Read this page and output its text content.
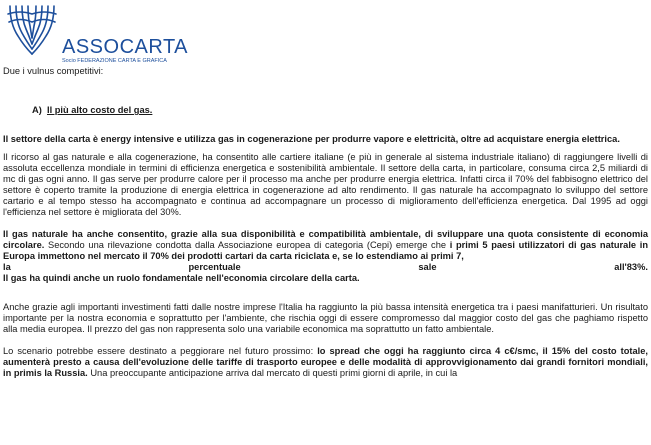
ASSOCARTA
Socio FEDERAZIONE CARTA E GRAFICA

Due i vulnus competitivi:

A) Il più alto costo del gas.

Il settore della carta è energy intensive e utilizza gas in cogenerazione per produrre vapore e elettricità, oltre ad acquistare energia elettrica.

Il ricorso al gas naturale e alla cogenerazione, ha consentito alle cartiere italiane (e più in generale al sistema industriale italiano) di raggiungere livelli di assoluta eccellenza mondiale in termini di efficienza energetica e sostenibilità ambientale. Il settore della carta, in particolare, consuma circa 2,5 miliardi di mc di gas ogni anno. Il gas serve per produrre calore per il processo ma anche per produrre energia elettrica. Infatti circa il 70% del fabbisogno elettrico del settore è coperto tramite la produzione di energia elettrica in cogenerazione ad alto rendimento. Il gas naturale ha accompagnato lo sviluppo del settore cartario e al tempo stesso ha accompagnato e continua ad accompagnare un processo di miglioramento dell'efficienza energetica. Dal 1995 ad oggi l'efficienza nel settore è migliorata del 30%.

Il gas naturale ha anche consentito, grazie alla sua disponibilità e compatibilità ambientale, di sviluppare una quota consistente di economia circolare. Secondo una rilevazione condotta dalla Associazione europea di categoria (Cepi) emerge che i primi 5 paesi utilizzatori di gas naturale in Europa immettono nel mercato il 70% dei prodotti cartari da carta riciclata e, se lo estendiamo ai primi 7,

la	percentuale	sale	all'83%.

Il gas ha quindi anche un ruolo fondamentale nell'economia circolare della carta.

Anche grazie agli importanti investimenti fatti dalle nostre imprese l'Italia ha raggiunto la più bassa intensità energetica tra i paesi manifatturieri. Un risultato importante per la nostra economia e soprattutto per l'ambiente, che rischia oggi di essere compromesso dal maggior costo del gas che paghiamo rispetto alla media europea. Il prezzo del gas non rappresenta solo una variabile economica ma soprattutto un fatto ambientale.

Lo scenario potrebbe essere destinato a peggiorare nel futuro prossimo: lo spread che oggi ha raggiunto circa 4 c€/smc, il 15% del costo totale, aumenterà presto a causa dell'evoluzione delle tariffe di trasporto europee e delle modalità di approvvigionamento dai grandi fornitori mondiali, in primis la Russia. Una preoccupante anticipazione arriva dal mercato di questi primi giorni di aprile, in cui la
